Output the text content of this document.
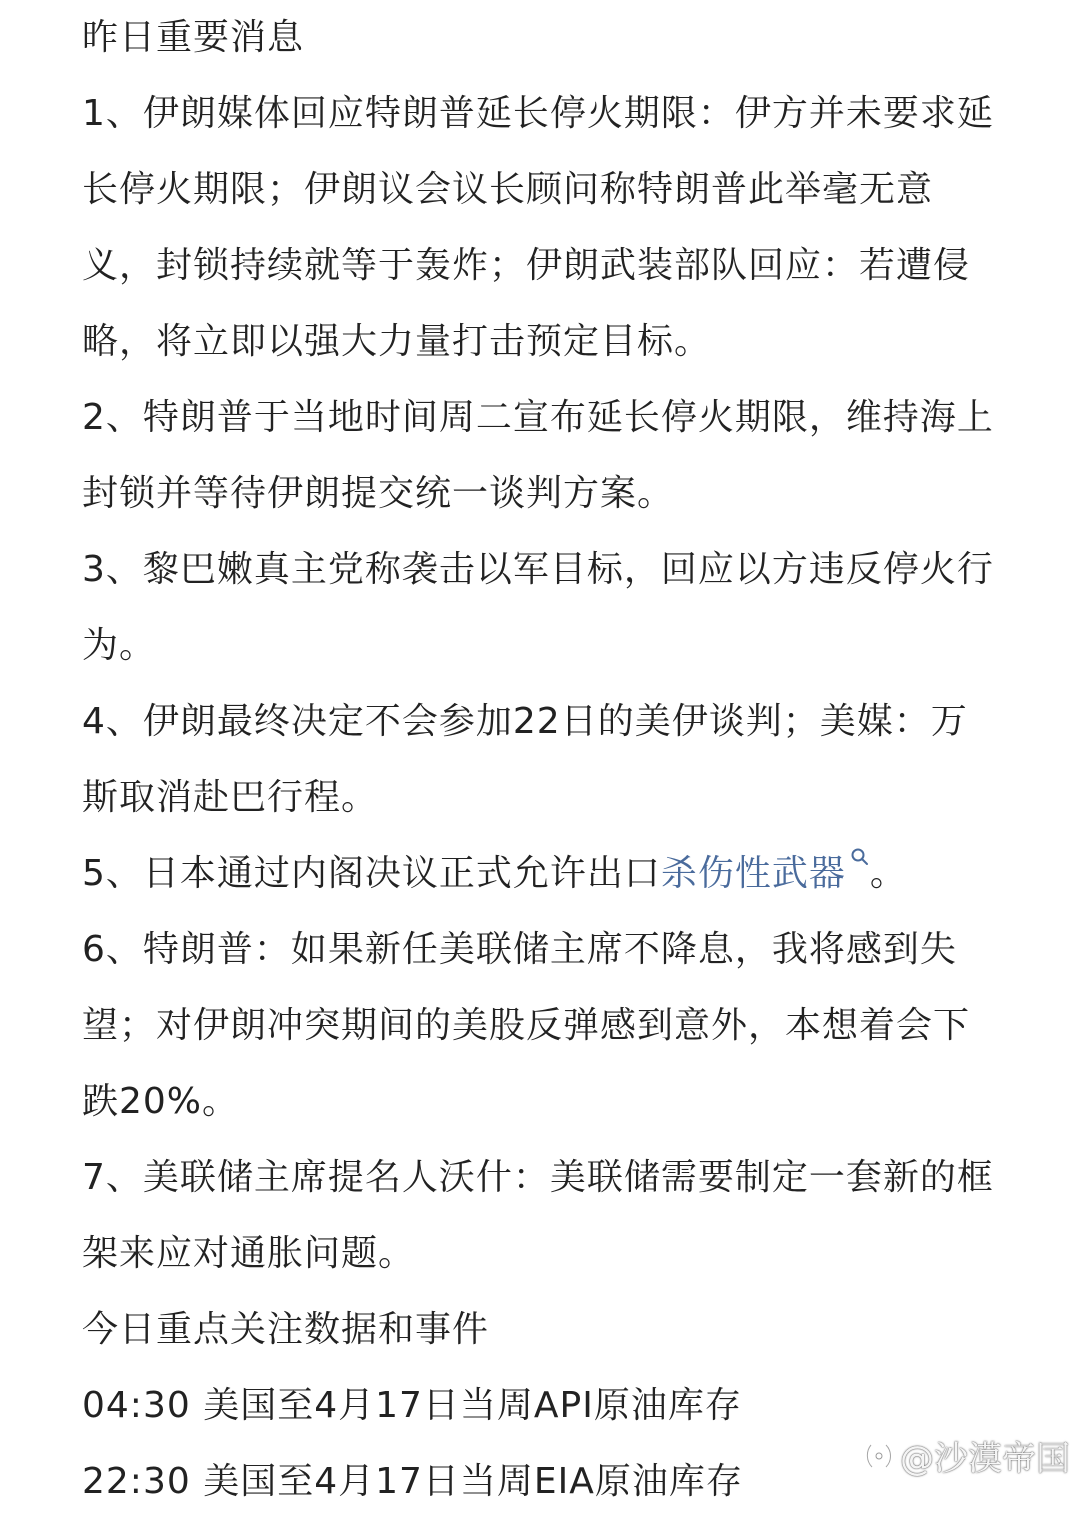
昨日重要消息

1、伊朗媒体回应特朗普延长停火期限：伊方并未要求延长停火期限；伊朗议会议长顾问称特朗普此举毫无意义，封锁持续就等于轰炸；伊朗武装部队回应：若遭侵略，将立即以强大力量打击预定目标。

2、特朗普于当地时间周二宣布延长停火期限，维持海上封锁并等待伊朗提交统一谈判方案。

3、黎巴嫩真主党称袭击以军目标，回应以方违反停火行为。

4、伊朗最终决定不会参加22日的美伊谈判；美媒：万斯取消赴巴行程。

5、日本通过内阁决议正式允许出口杀伤性武器 。

6、特朗普：如果新任美联储主席不降息，我将感到失望；对伊朗冲突期间的美股反弹感到意外，本想着会下跌20%。

7、美联储主席提名人沃什：美联储需要制定一套新的框架来应对通胀问题。

今日重点关注数据和事件

04:30 美国至4月17日当周API原油库存

22:30 美国至4月17日当周EIA原油库存

@沙漠帝国
